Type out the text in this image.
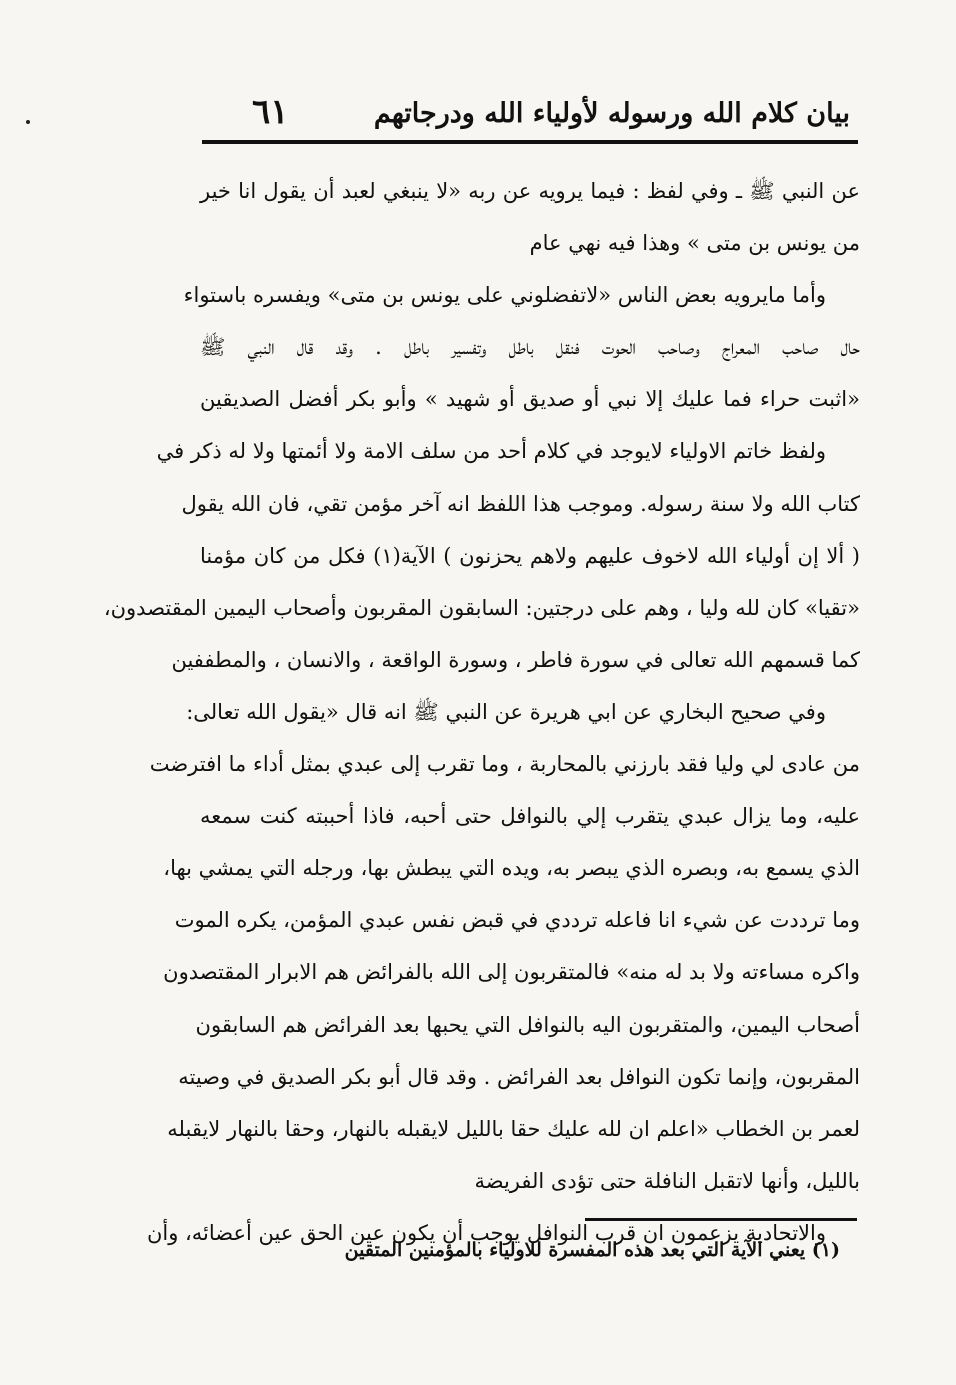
بيان كلام الله ورسوله لأولياء الله ودرجاتهم
٦١
عن النبي ﷺ ـ وفي لفظ : فيما يرويه عن ربه «لا ينبغي لعبد أن يقول انا خير
من يونس بن متى » وهذا فيه نهي عام
وأما مايرويه بعض الناس «لاتفضلوني على يونس بن متى» ويفسره باستواء
حال صاحب المعراج وصاحب الحوت فنقل باطل وتفسير باطل . وقد قال النبي ﷺ
«اثبت حراء فما عليك إلا نبي أو صديق أو شهيد » وأبو بكر أفضل الصديقين
ولفظ خاتم الاولياء لايوجد في كلام أحد من سلف الامة ولا أئمتها ولا له ذكر في
كتاب الله ولا سنة رسوله. وموجب هذا اللفظ انه آخر مؤمن تقي، فان الله يقول
( ألا إن أولياء الله لاخوف عليهم ولاهم يحزنون ) الآية(١) فكل من كان مؤمنا
«تقيا» كان لله وليا ، وهم على درجتين: السابقون المقربون وأصحاب اليمين المقتصدون،
كما قسمهم الله تعالى في سورة فاطر ، وسورة الواقعة ، والانسان ، والمطففين
وفي صحيح البخاري عن ابي هريرة عن النبي ﷺ انه قال «يقول الله تعالى:
من عادى لي وليا فقد بارزني بالمحاربة ، وما تقرب إلى عبدي بمثل أداء ما افترضت
عليه، وما يزال عبدي يتقرب إلي بالنوافل حتى أحبه، فاذا أحببته كنت سمعه
الذي يسمع به، وبصره الذي يبصر به، ويده التي يبطش بها، ورجله التي يمشي بها،
وما ترددت عن شيء انا فاعله ترددي في قبض نفس عبدي المؤمن، يكره الموت
واكره مساءته ولا بد له منه» فالمتقربون إلى الله بالفرائض هم الابرار المقتصدون
أصحاب اليمين، والمتقربون اليه بالنوافل التي يحبها بعد الفرائض هم السابقون
المقربون، وإنما تكون النوافل بعد الفرائض . وقد قال أبو بكر الصديق في وصيته
لعمر بن الخطاب «اعلم ان لله عليك حقا بالليل لايقبله بالنهار، وحقا بالنهار لايقبله
بالليل، وأنها لاتقبل النافلة حتى تؤدى الفريضة
والاتحادية يزعمون ان قرب النوافل يوجب أن يكون عين الحق عين أعضائه، وأن
(١) يعني الآية التي بعد هذه المفسرة للاولياء بالمؤمنين المتقين
